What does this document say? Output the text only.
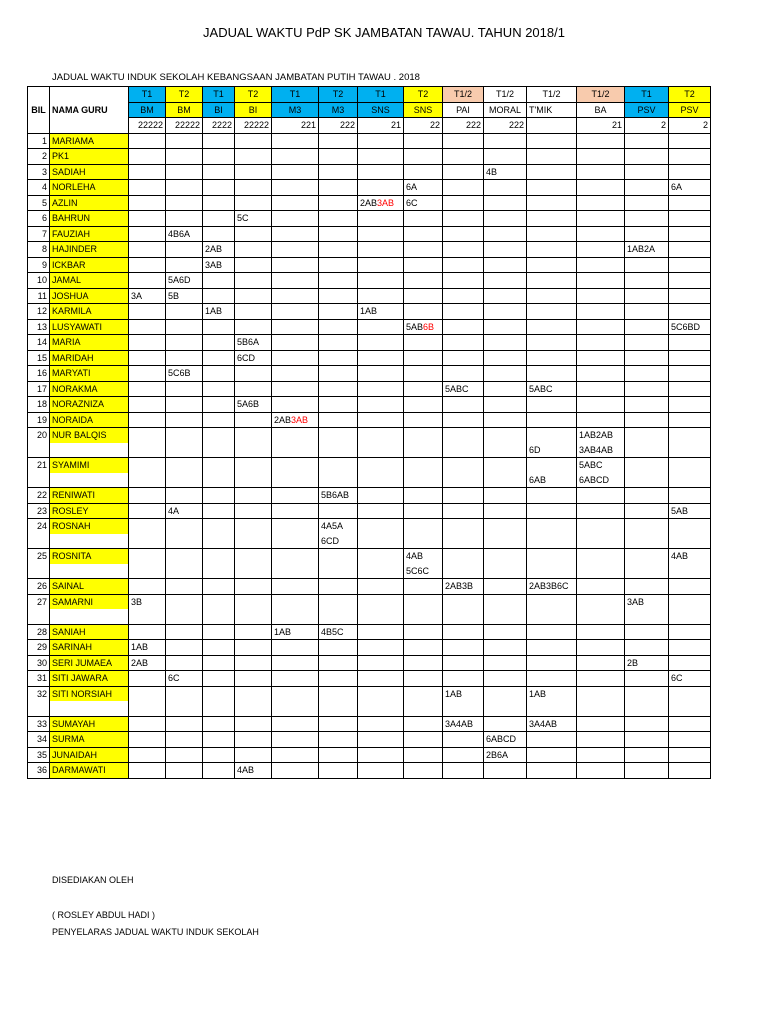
JADUAL WAKTU PdP SK JAMBATAN TAWAU. TAHUN 2018/1
JADUAL WAKTU INDUK SEKOLAH KEBANGSAAN JAMBATAN PUTIH TAWAU . 2018
BIL	NAMA GURU	T1	T2	T1	T2	T1	T2	T1	T2	T1/2	T1/2	T1/2	T1/2	T1	T2
		BM	BM	BI	BI	M3	M3	SNS	SNS	PAI	MORAL	T'MIK	BA	PSV	PSV
		22222	22222	2222	22222	221	222	21	22	222	222		21	2	2
1	MARIAMA														
2	PK1														
3	SADIAH										4B				
4	NORLEHA								6A						6A
5	AZLIN							2AB3AB	6C						
6	BAHRUN				5C										
7	FAUZIAH		4B6A												
8	HAJINDER			2AB										1AB2A	
9	ICKBAR			3AB											
10	JAMAL		5A6D												
11	JOSHUA	3A	5B												
12	KARMILA			1AB				1AB							
13	LUSYAWATI								5AB6B						5C6BD
14	MARIA				5B6A										
15	MARIDAH				6CD										
16	MARYATI		5C6B												
17	NORAKMA									5ABC		5ABC			
18	NORAZNIZA				5A6B										
19	NORAIDA					2AB3AB									
20	NUR BALQIS												1AB2AB		
												6D	3AB4AB		
21	SYAMIMI												5ABC		
												6AB	6ABCD		
22	RENIWATI						5B6AB								
23	ROSLEY		4A												5AB
24	ROSNAH						4A5A								
							6CD								
25	ROSNITA								4AB						4AB
									5C6C						
26	SAINAL									2AB3B		2AB3B6C			
27	SAMARNI	3B												3AB	

28	SANIAH					1AB	4B5C								
29	SARINAH	1AB													
30	SERI JUMAEA	2AB												2B	
31	SITI JAWARA		6C												6C
32	SITI NORSIAH									1AB		1AB			

33	SUMAYAH									3A4AB		3A4AB			
34	SURMA										6ABCD				
35	JUNAIDAH										2B6A				
36	DARMAWATI				4AB										
DISEDIAKAN OLEH
( ROSLEY ABDUL HADI )
PENYELARAS JADUAL WAKTU INDUK SEKOLAH
